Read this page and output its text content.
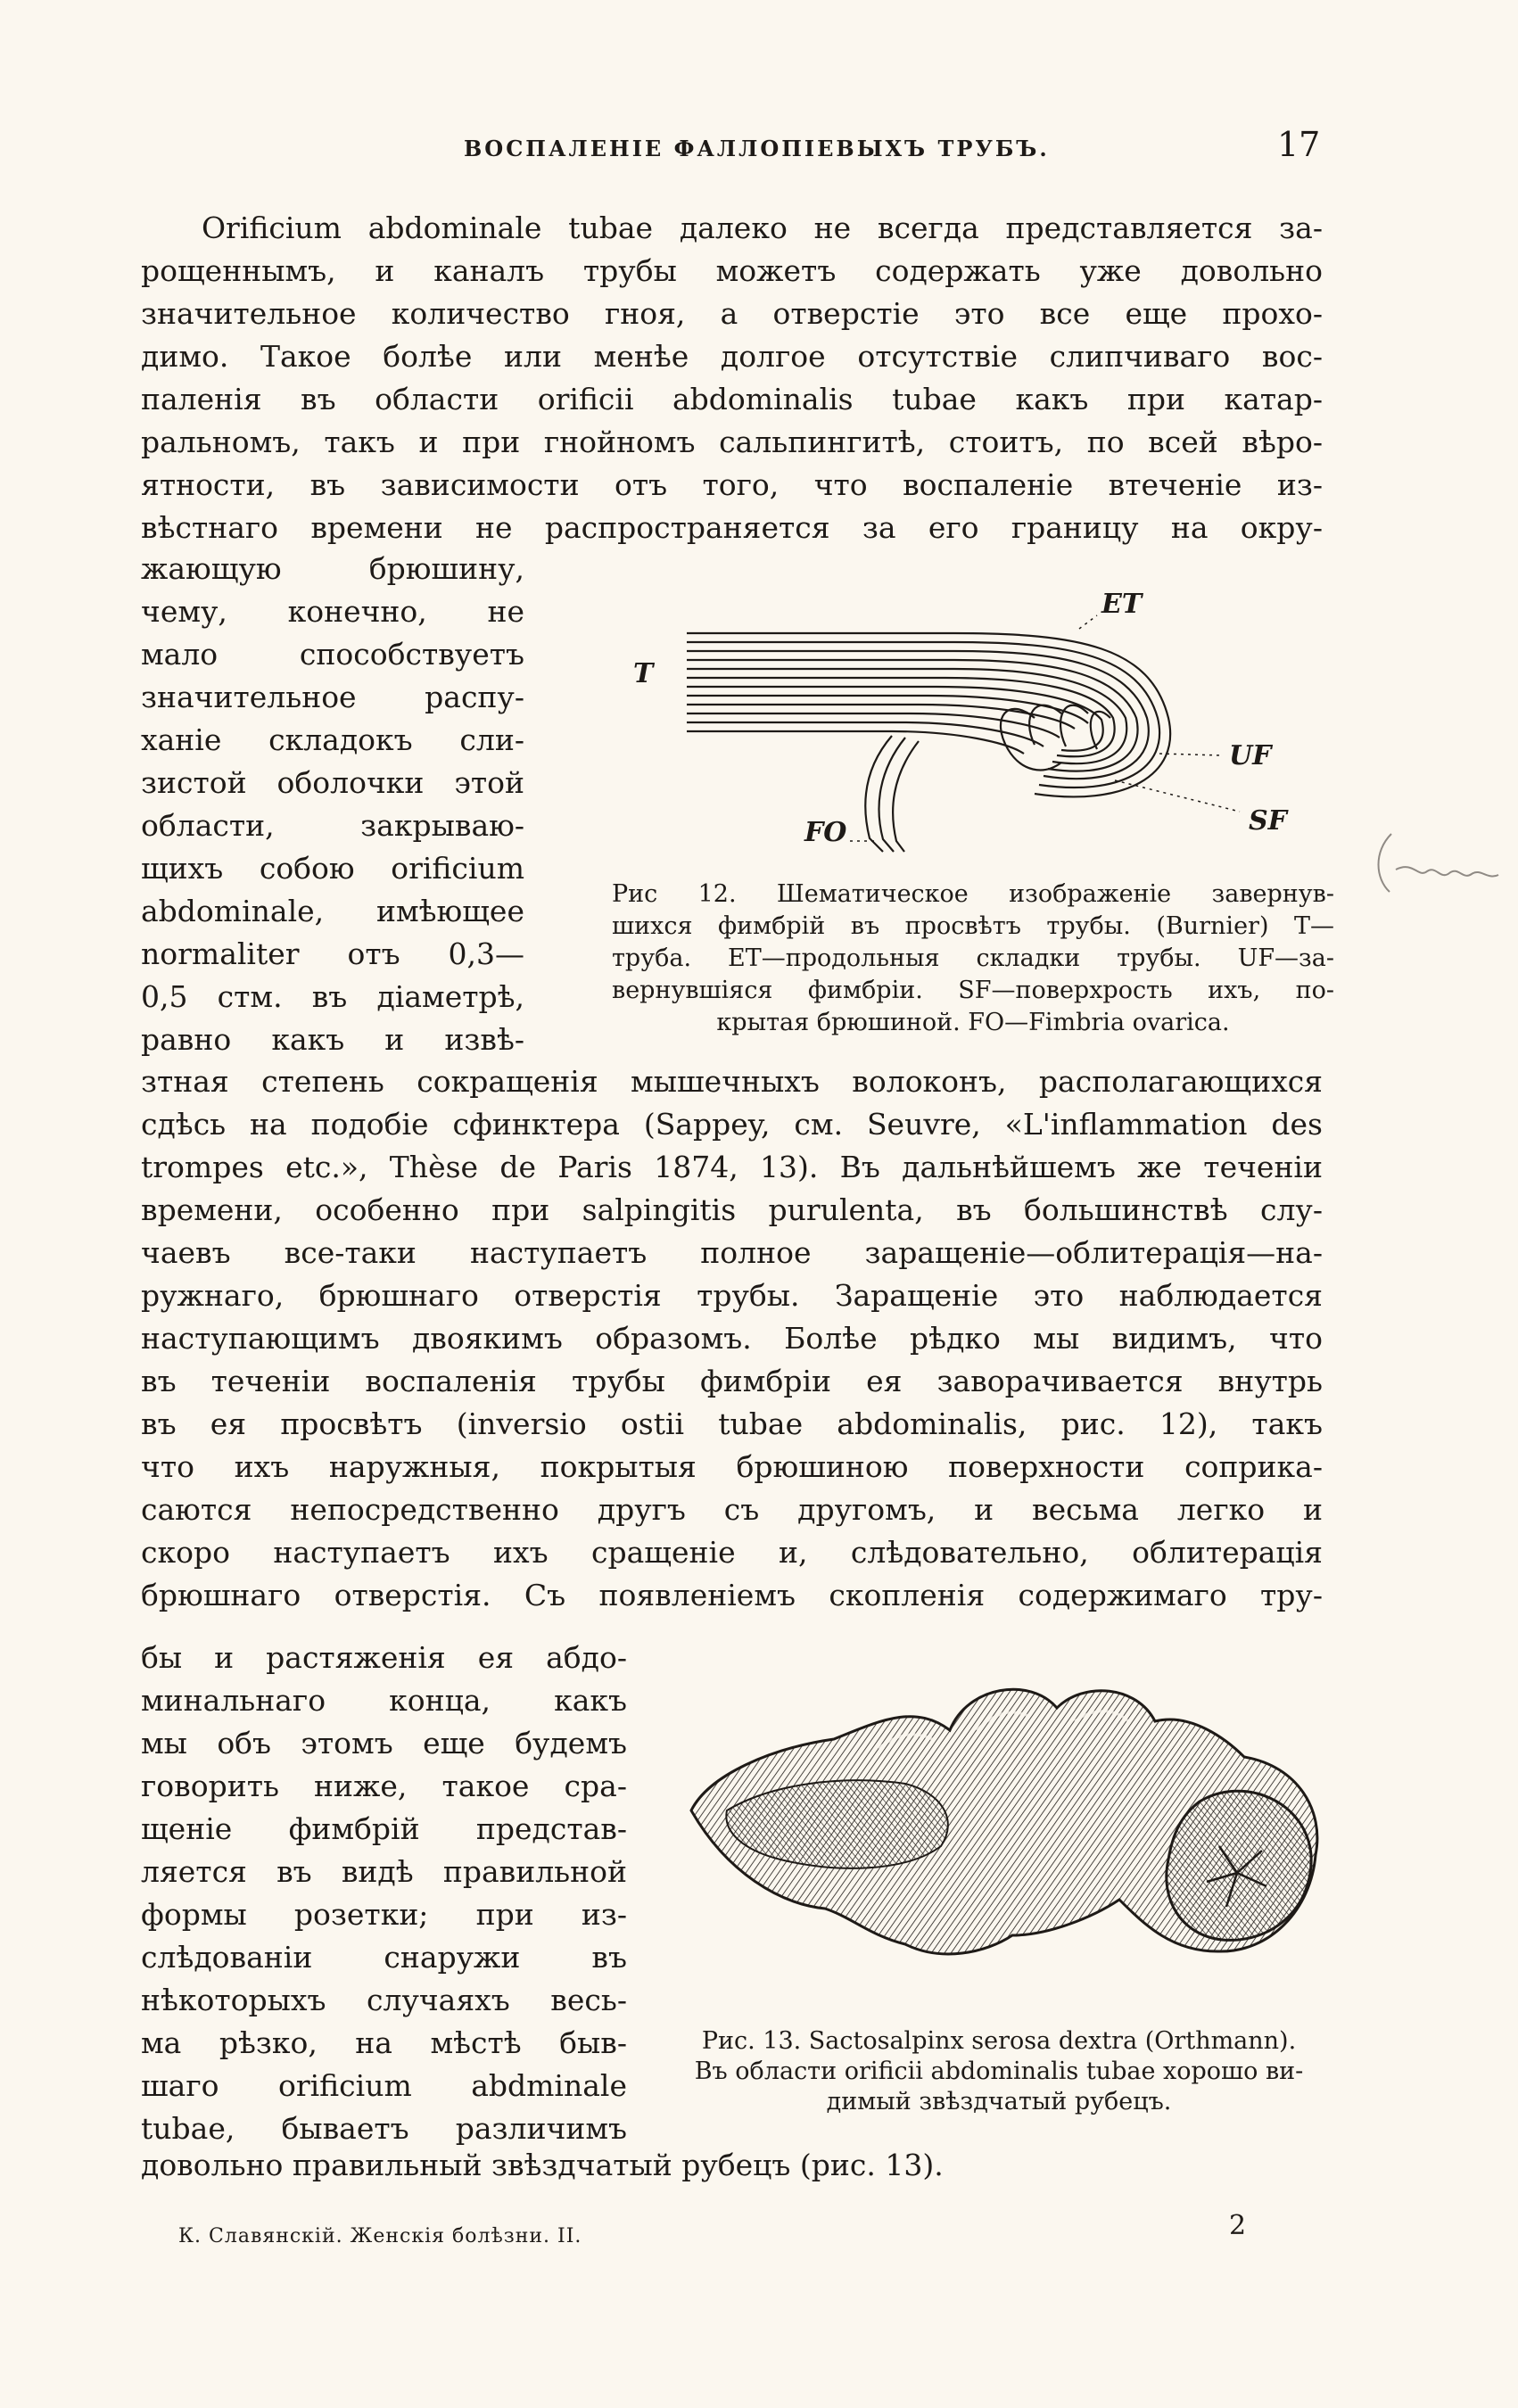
ВОСПАЛЕНІЕ ФАЛЛОПІЕВЫХЪ ТРУБЪ.	17
Orificium abdominale tubae далеко не всегда представляется за-
рощеннымъ, и каналъ трубы можетъ содержать уже довольно
значительное количество гноя, а отверстіе это все еще прохо-
димо. Такое болѣе или менѣе долгое отсутствіе слипчиваго вос-
паленія въ области orificii abdominalis tubae какъ при катар-
ральномъ, такъ и при гнойномъ сальпингитѣ, стоитъ, по всей вѣро-
ятности, въ зависимости отъ того, что воспаленіе втеченіе из-
вѣстнаго времени не распространяется за его границу на окру-
жающую брюшину,
чему, конечно, не
мало способствуетъ
значительное распу-
ханіе складокъ сли-
зистой оболочки этой
области, закрываю-
щихъ собою orificium
abdominale, имѣющее
normaliter отъ 0,3—
0,5 стм. въ діаметрѣ,
равно какъ и извѣ-
T
ET
UF
SF
FO
Рис 12. Шематическое изображеніе завернув-
шихся фимбрій въ просвѣтъ трубы. (Burnier) T—
труба. ET—продольныя складки трубы. UF—за-
вернувшіяся фимбріи. SF—поверхрость ихъ, по-
крытая брюшиной. FO—Fimbria ovarica.
зтная степень сокращенія мышечныхъ волоконъ, располагающихся
сдѣсь на подобіе сфинктера (Sappey, см. Seuvre, «L'inflammation des
trompes etc.», Thèse de Paris 1874, 13). Въ дальнѣйшемъ же теченіи
времени, особенно при salpingitis purulenta, въ большинствѣ слу-
чаевъ все-таки наступаетъ полное заращеніе—облитерація—на-
ружнаго, брюшнаго отверстія трубы. Заращеніе это наблюдается
наступающимъ двоякимъ образомъ. Болѣе рѣдко мы видимъ, что
въ теченіи воспаленія трубы фимбріи ея заворачивается внутрь
въ ея просвѣтъ (inversio ostii tubae abdominalis, рис. 12), такъ
что ихъ наружныя, покрытыя брюшиною поверхности соприка-
саются непосредственно другъ съ другомъ, и весьма легко и
скоро наступаетъ ихъ сращеніе и, слѣдовательно, облитерація
брюшнаго отверстія. Съ появленіемъ скопленія содержимаго тру-
бы и растяженія ея абдо-
минальнаго конца, какъ
мы объ этомъ еще будемъ
говорить ниже, такое сра-
щеніе фимбрій представ-
ляется въ видѣ правильной
формы розетки; при из-
слѣдованіи снаружи въ
нѣкоторыхъ случаяхъ весь-
ма рѣзко, на мѣстѣ быв-
шаго orificium abdminale
tubae, бываетъ различимъ
Рис. 13. Sactosalpinx serosa dextra (Orthmann).
Въ области orificii abdominalis tubae хорошо ви-
димый звѣздчатый рубецъ.
довольно правильный звѣздчатый рубецъ (рис. 13).
К. Славянскій. Женскія болѣзни. II.	2
